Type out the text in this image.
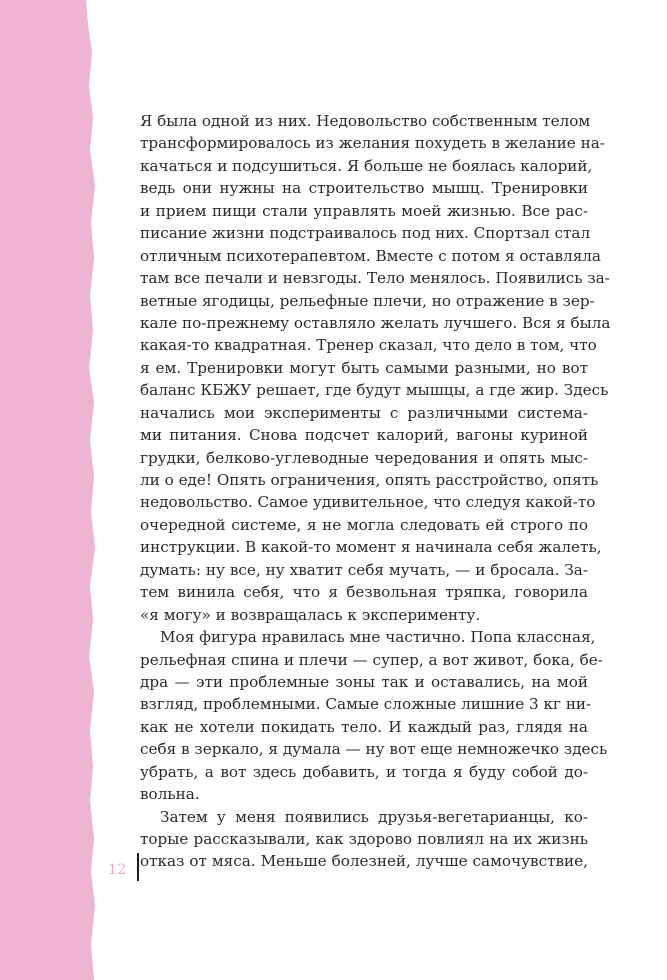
Я была одной из них. Недовольство собственным телом
трансформировалось из желания похудеть в желание на-
качаться и подсушиться. Я больше не боялась калорий,
ведь они нужны на строительство мышц. Тренировки
и прием пищи стали управлять моей жизнью. Все рас-
писание жизни подстраивалось под них. Спортзал стал
отличным психотерапевтом. Вместе с потом я оставляла
там все печали и невзгоды. Тело менялось. Появились за-
ветные ягодицы, рельефные плечи, но отражение в зер-
кале по-прежнему оставляло желать лучшего. Вся я была
какая-то квадратная. Тренер сказал, что дело в том, что
я ем. Тренировки могут быть самыми разными, но вот
баланс КБЖУ решает, где будут мышцы, а где жир. Здесь
начались мои эксперименты с различными системa-
ми питания. Снова подсчет калорий, вагоны куриной
грудки, белково-углеводные чередования и опять мыс-
ли о еде! Опять ограничения, опять расстройство, опять
недовольство. Самое удивительное, что следуя какой-то
очередной системе, я не могла следовать ей строго по
инструкции. В какой-то момент я начинала себя жалеть,
думать: ну все, ну хватит себя мучать, — и бросала. За-
тем винила себя, что я безвольная тряпка, говорила
«я могу» и возвращалась к эксперименту.
Моя фигура нравилась мне частично. Попа классная,
рельефная спина и плечи — супер, а вот живот, бока, бе-
дра — эти проблемные зоны так и оставались, на мой
взгляд, проблемными. Самые сложные лишние 3 кг ни-
как не хотели покидать тело. И каждый раз, глядя на
себя в зеркало, я думала — ну вот еще немножечко здесь
убрать, а вот здесь добавить, и тогда я буду собой до-
вольна.
Затем у меня появились друзья-вегетарианцы, ко-
торые рассказывали, как здорово повлиял на их жизнь
отказ от мяса. Меньше болезней, лучше самочувствие,
12
